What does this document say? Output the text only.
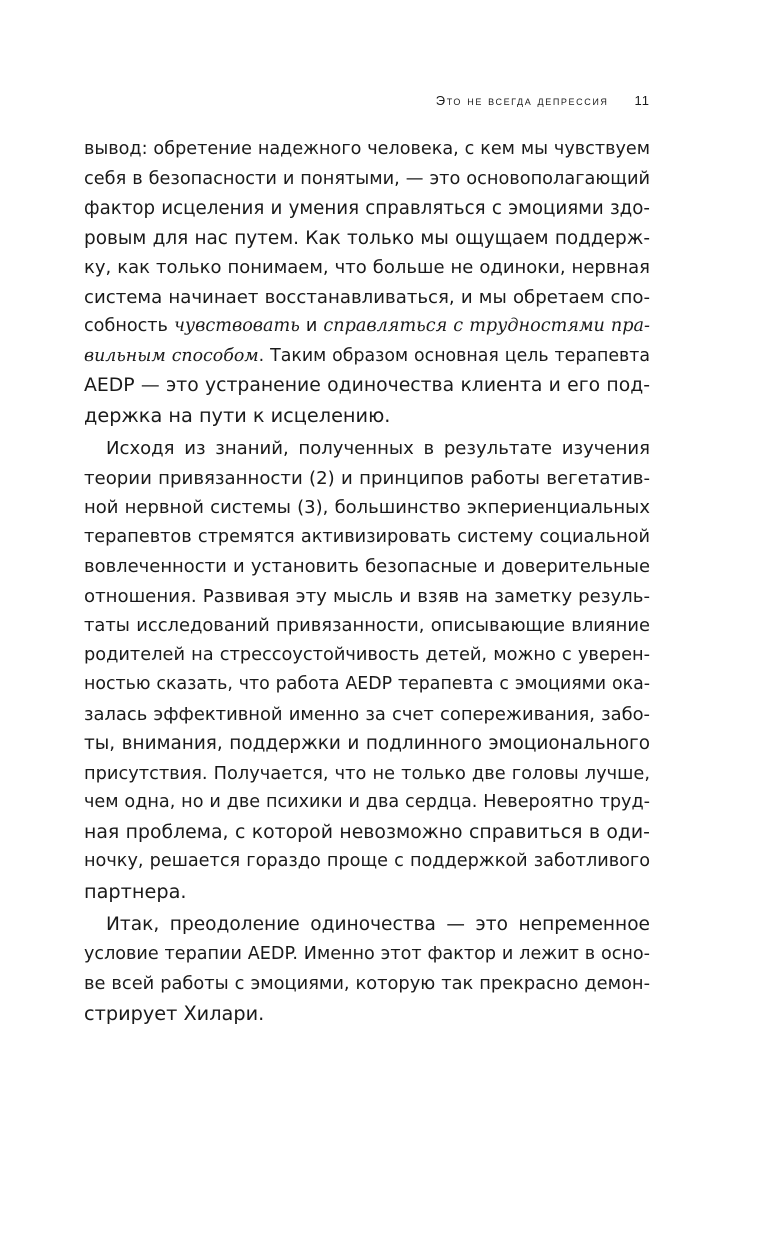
Это не всегда депрессия 11
вывод: обретение надежного человека, с кем мы чувствуем
себя в безопасности и понятыми, — это основополагающий
фактор исцеления и умения справляться с эмоциями здо-
ровым для нас путем. Как только мы ощущаем поддерж-
ку, как только понимаем, что больше не одиноки, нервная
система начинает восстанавливаться, и мы обретаем спо-
собность чувствовать и справляться с трудностями пра-
вильным способом. Таким образом основная цель терапевта
AEDP — это устранение одиночества клиента и его под-
держка на пути к исцелению.
Исходя из знаний, полученных в результате изучения
теории привязанности (2) и принципов работы вегетатив-
ной нервной системы (3), большинство экпериенциальных
терапевтов стремятся активизировать систему социальной
вовлеченности и установить безопасные и доверительные
отношения. Развивая эту мысль и взяв на заметку резуль-
таты исследований привязанности, описывающие влияние
родителей на стрессоустойчивость детей, можно с уверен-
ностью сказать, что работа AEDP терапевта с эмоциями ока-
залась эффективной именно за счет сопереживания, забо-
ты, внимания, поддержки и подлинного эмоционального
присутствия. Получается, что не только две головы лучше,
чем одна, но и две психики и два сердца. Невероятно труд-
ная проблема, с которой невозможно справиться в оди-
ночку, решается гораздо проще с поддержкой заботливого
партнера.
Итак, преодоление одиночества — это непременное
условие терапии AEDP. Именно этот фактор и лежит в осно-
ве всей работы с эмоциями, которую так прекрасно демон-
стрирует Хилари.
